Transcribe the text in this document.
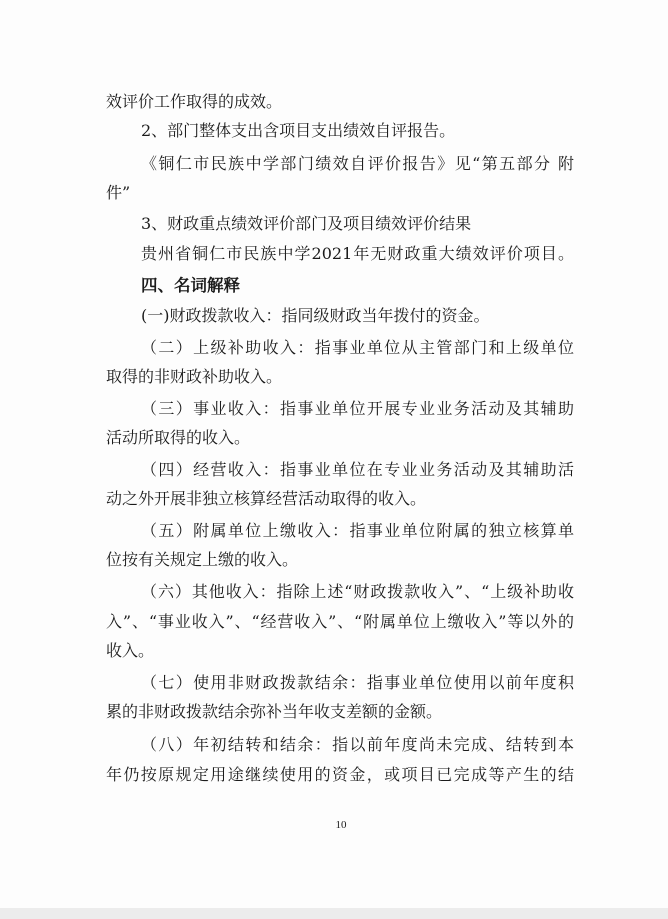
效评价工作取得的成效。
2、部门整体支出含项目支出绩效自评报告。
《铜仁市民族中学部门绩效自评价报告》见“第五部分 附
件”
3、财政重点绩效评价部门及项目绩效评价结果
贵州省铜仁市民族中学2021年无财政重大绩效评价项目。
四、名词解释
(一)财政拨款收入：指同级财政当年拨付的资金。
（二）上级补助收入：指事业单位从主管部门和上级单位
取得的非财政补助收入。
（三）事业收入：指事业单位开展专业业务活动及其辅助
活动所取得的收入。
（四）经营收入：指事业单位在专业业务活动及其辅助活
动之外开展非独立核算经营活动取得的收入。
（五）附属单位上缴收入：指事业单位附属的独立核算单
位按有关规定上缴的收入。
（六）其他收入：指除上述“财政拨款收入”、“上级补助收
入”、“事业收入”、“经营收入”、“附属单位上缴收入”等以外的
收入。
（七）使用非财政拨款结余：指事业单位使用以前年度积
累的非财政拨款结余弥补当年收支差额的金额。
（八）年初结转和结余：指以前年度尚未完成、结转到本
年仍按原规定用途继续使用的资金，或项目已完成等产生的结
10
